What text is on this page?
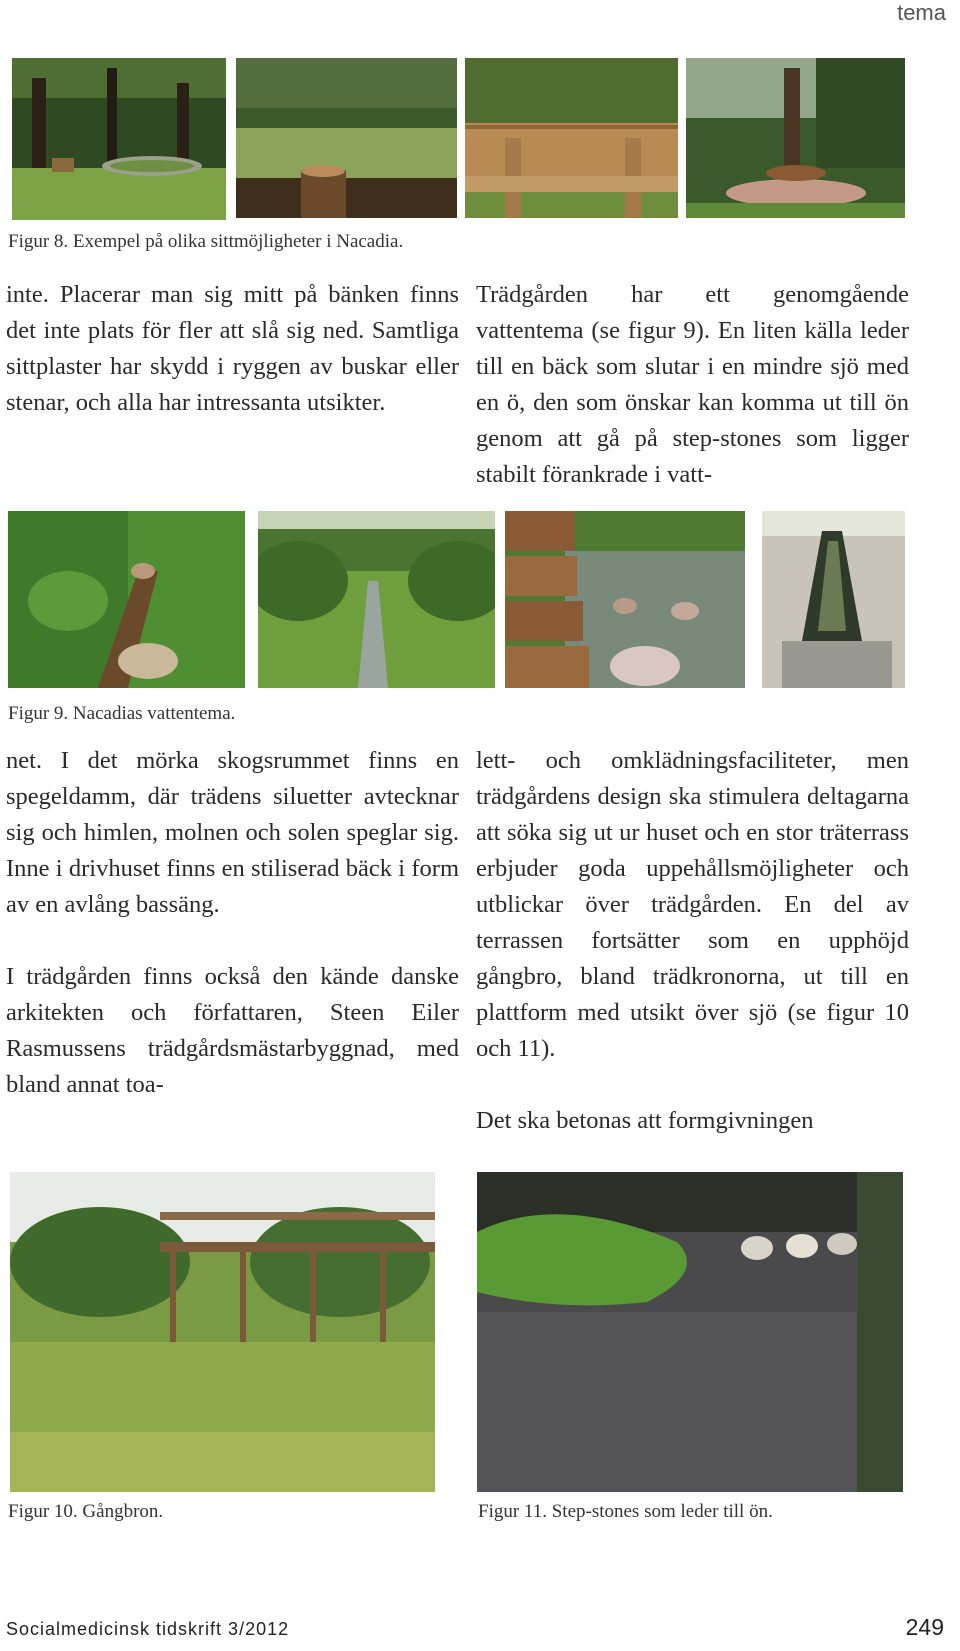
tema
Figur 8. Exempel på olika sittmöjligheter i Nacadia.

inte. Placerar man sig mitt på bänken finns det inte plats för fler att slå sig ned. Samtliga sittplaster har skydd i ryggen av buskar eller stenar, och alla har intressanta utsikter.

Trädgården har ett genomgående vattentema (se figur 9). En liten källa leder till en bäck som slutar i en mindre sjö med en ö, den som önskar kan komma ut till ön genom att gå på step-stones som ligger stabilt förankrade i vatt-

Figur 9. Nacadias vattentema.

net. I det mörka skogsrummet finns en spegeldamm, där trädens siluetter avtecknar sig och himlen, molnen och solen speglar sig. Inne i drivhuset finns en stiliserad bäck i form av en avlång bassäng.

I trädgården finns också den kände danske arkitekten och författaren, Steen Eiler Rasmussens trädgårdsmästarbyggnad, med bland annat toa-

lett- och omklädningsfaciliteter, men trädgårdens design ska stimulera deltagarna att söka sig ut ur huset och en stor träterrass erbjuder goda uppehållsmöjligheter och utblickar över trädgården. En del av terrassen fortsätter som en upphöjd gångbro, bland trädkronorna, ut till en plattform med utsikt över sjö (se figur 10 och 11).

Det ska betonas att formgivningen

Figur 10. Gångbron.	Figur 11. Step-stones som leder till ön.
Socialmedicinsk tidskrift 3/2012	249
